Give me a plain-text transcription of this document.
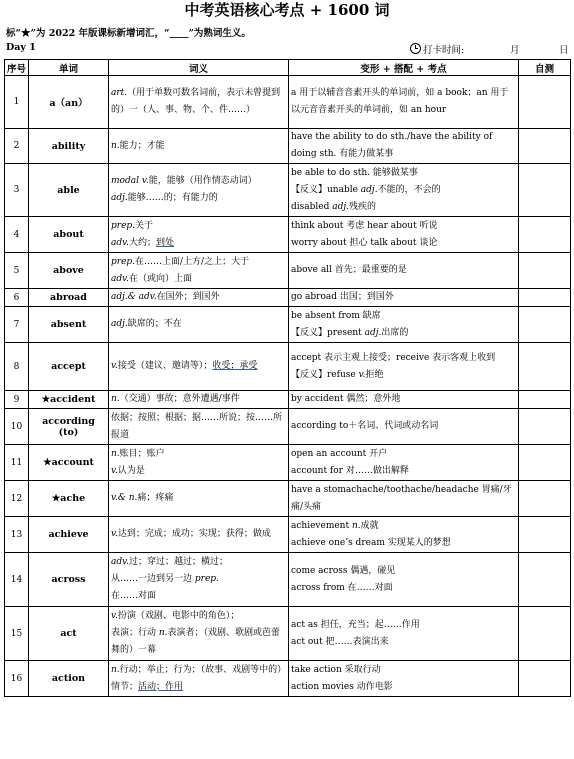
中考英语核心考点 + 1600 词
标“★”为 2022 年版课标新增词汇，“____”为熟词生义。
Day 1	打卡时间:	月	日
序号	单词	词义	变形 + 搭配 + 考点	自测
1	a（an）	art.（用于单数可数名词前，表示未曾提到的）一（人、事、物、个、件……）	a 用于以辅音音素开头的单词前，如 a book；an 用于以元音音素开头的单词前，如 an hour	

2	ability	n.能力；才能	have the ability to do sth./have the ability of doing sth. 有能力做某事	

3	able	modal v.能，能够（用作情态动词）
adj.能够……的；有能力的	be able to do sth. 能够做某事
【反义】unable adj.不能的，不会的
disabled adj.残疾的	

4	about	prep.关于
adv.大约；到处	think about 考虑 hear about 听说
worry about 担心 talk about 谈论	

5	above	prep.在……上面/上方/之上；大于
adv.在（或向）上面	above all 首先；最重要的是	

6	abroad	adj.& adv.在国外；到国外	go abroad 出国；到国外	

7	absent	adj.缺席的；不在	be absent from 缺席
【反义】present adj.出席的	

8	accept	v.接受（建议、邀请等）；收受；承受	accept 表示主观上接受；receive 表示客观上收到
【反义】refuse v.拒绝	

9	★accident	n.（交通）事故；意外遭遇/事件	by accident 偶然；意外地	

10	according (to)	依据；按照；根据；据……所说；按……所报道	according to＋名词、代词或动名词	

11	★account	n.账目；账户
v.认为是	open an account 开户
account for 对……做出解释	

12	★ache	v.& n.痛；疼痛	have a stomachache/toothache/headache 胃痛/牙痛/头痛	

13	achieve	v.达到；完成；成功；实现；获得；做成	achievement n.成就
achieve one’s dream 实现某人的梦想	

14	across	adv.过；穿过；越过；横过；
从……一边到另一边 prep.
在……对面	come across 偶遇，碰见
across from 在……对面	

15	act	v.扮演（戏剧、电影中的角色）；
表演；行动 n.表演者；（戏剧、歌剧或芭蕾舞的）一幕	act as 担任，充当；起……作用
act out 把……表演出来	

16	action	n.行动；举止；行为；（故事、戏剧等中的）情节；活动；作用	take action 采取行动
action movies 动作电影	
